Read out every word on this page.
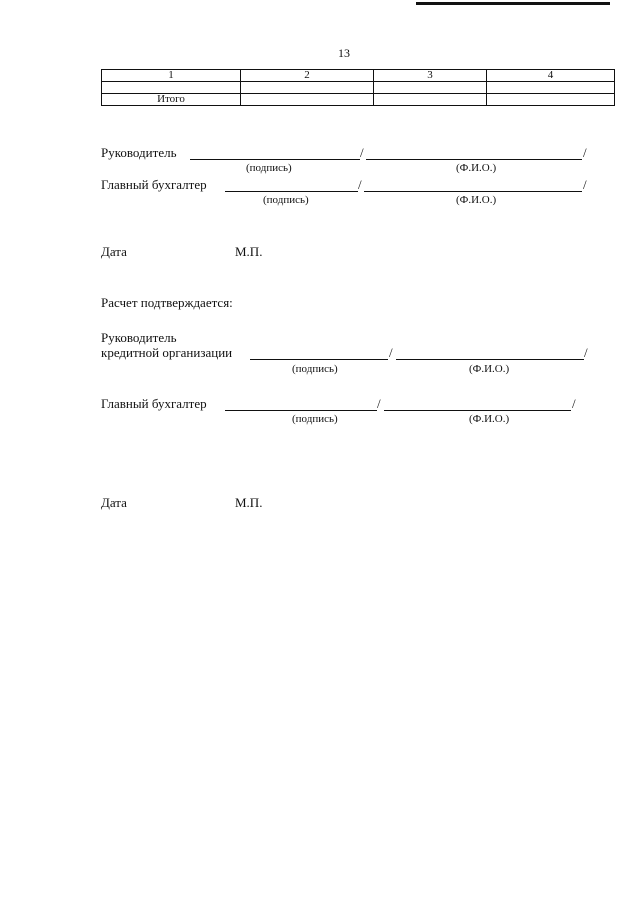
13
1	2	3	4

Итого			
Руководитель	/	/
(подпись)	(Ф.И.О.)
Главный бухгалтер	/	/
(подпись)	(Ф.И.О.)
Дата	М.П.
Расчет подтверждается:
Руководитель
кредитной организации	/	/
(подпись)	(Ф.И.О.)
Главный бухгалтер	/	/
(подпись)	(Ф.И.О.)
Дата	М.П.
